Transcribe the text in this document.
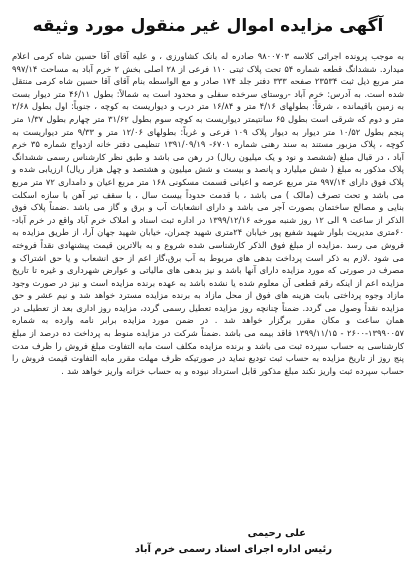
آگهی مزایده اموال غیر منقول مورد وثیقه
به موجب پرونده اجرائی کلاسه ۹۸۰۰۷۰۳ صادره له بانک کشاورزی ، و علیه آقای آقا حسین شاه کرمی اعلام میدارد. ششدانگ قطعه شماره ۵۴ تحت پلاک ثبتی ۱۱۰ فرعی از ۲۸ اصلی بخش ۲ خرم آباد به مساحت ۹۹۷/۱۴ متر مربع ذیل ثبت ۲۳۵۳۴ صفحه ۳۳۳ دفتر جلد ۱۷۴ صادر و مع الواسطه بنام آقای آقا حسین شاه کرمی منتقل شده است. به آدرس: خرم آباد -روستای سرخده سفلی و محدود است به شمالاً: بطول ۴۶/۱۱ متر دیوار بست به زمین باقیمانده ، شرقاً: بطولهای ۴/۱۶ متر و ۱۶/۸۴ متر درب و دیواریست به کوچه ، جنوباً: اول بطول ۲/۶۸ متر و دوم که شرقی است بطول ۶۵ سانتیمتر دیواریست به کوچه سوم بطول ۳۱/۶۲ متر چهارم بطول ۱/۳۷ متر پنجم بطول ۱۰/۵۲ متر دیوار به دیوار پلاک ۱۰۹ فرعی و غرباً: بطولهای ۱۲/۰۶ متر و ۹/۳۳ متر دیواریست به کوچه ، پلاک مزبور مستند به سند رهنی شماره ۶۷۰۱- ۱۳۹۱/۰۹/۱۹ تنظیمی دفتر خانه ازدواج شماره ۳۵ خرم آباد ، در قبال مبلغ (ششصد و نود و یک میلیون ریال) در رهن می باشد و طبق نظر کارشناس رسمی ششدانگ پلاک مذکور به مبلغ ( شش میلیارد و پانصد و بیست و شش میلیون و هشتصد و چهل هزار ریال) ارزیابی شده و پلاک فوق دارای ۹۹۷/۱۴ متر مربع عرصه و اعیانی قسمت مسکونی ۱۶۸ متر مربع اعیان و دامداری ۷۲ متر مربع می باشد و تحت تصرف (مالک ) می باشد ، با قدمت حدوداً بیست سال ، با سقف تیر آهن با سازه اسکلت بنایی و مصالح ساختمان بصورت آجر می باشد و دارای انشعابات آب و برق و گاز می باشد .ضمناً پلاک فوق الذکر از ساعت ۹ الی ۱۲ روز شنبه مورخه ۱۳۹۹/۱۲/۱۶ در اداره ثبت اسناد و املاک خرم آباد واقع در خرم آباد- ۶۰متری مدیریت بلوار شهید شفیع پور خیابان ۲۴متری شهید چمران، خیابان شهید جهان آرا، از طریق مزایده به فروش می رسد .مزایده از مبلغ فوق الذکر کارشناسی شده شروع و به بالاترین قیمت پیشنهادی نقداً فروخته می شود .لازم به ذکر است پرداخت بدهی های مربوط به آب برق،گاز اعم از حق انشعاب و یا حق اشتراک و مصرف در صورتی که مورد مزایده دارای آنها باشد و نیز بدهی های مالیاتی و عوارض شهرداری و غیره تا تاریخ مزایده اعم از اینکه رقم قطعی آن معلوم شده یا نشده باشد به عهده برنده مزایده است و نیز در صورت وجود مازاد وجوه پرداختی بابت هزینه های فوق از محل مازاد به برنده مزایده مسترد خواهد شد و نیم عشر و حق مزایده نقداً وصول می گردد. ضمناً چنانچه روز مزایده تعطیل رسمی گردد، مزایده روز اداری بعد از تعطیلی در همان ساعت و مکان مقرر برگزار خواهد شد . در ضمن مورد مزایده برابر نامه وارده به شماره ۱۳۹۹۰۰۵۷-۲۶۰۰ - ۱۳۹۹/۱۱/۱۵ فاقد بیمه می باشد .ضمناً شرکت در مزایده منوط به پرداخت ده درصد از مبلغ کارشناسی به حساب سپرده ثبت می باشد و برنده مزایده مکلف است مابه التفاوت مبلغ فروش را ظرف مدت پنج روز از تاریخ مزایده به حساب ثبت تودیع نماید در صورتیکه ظرف مهلت مقرر مابه التفاوت قیمت فروش را حساب سپرده ثبت واریز نکند مبلغ مذکور قابل استرداد نبوده و به حساب خزانه واریز خواهد شد .
علی رحیمی
رئیس اداره اجرای اسناد رسمی خرم آباد
